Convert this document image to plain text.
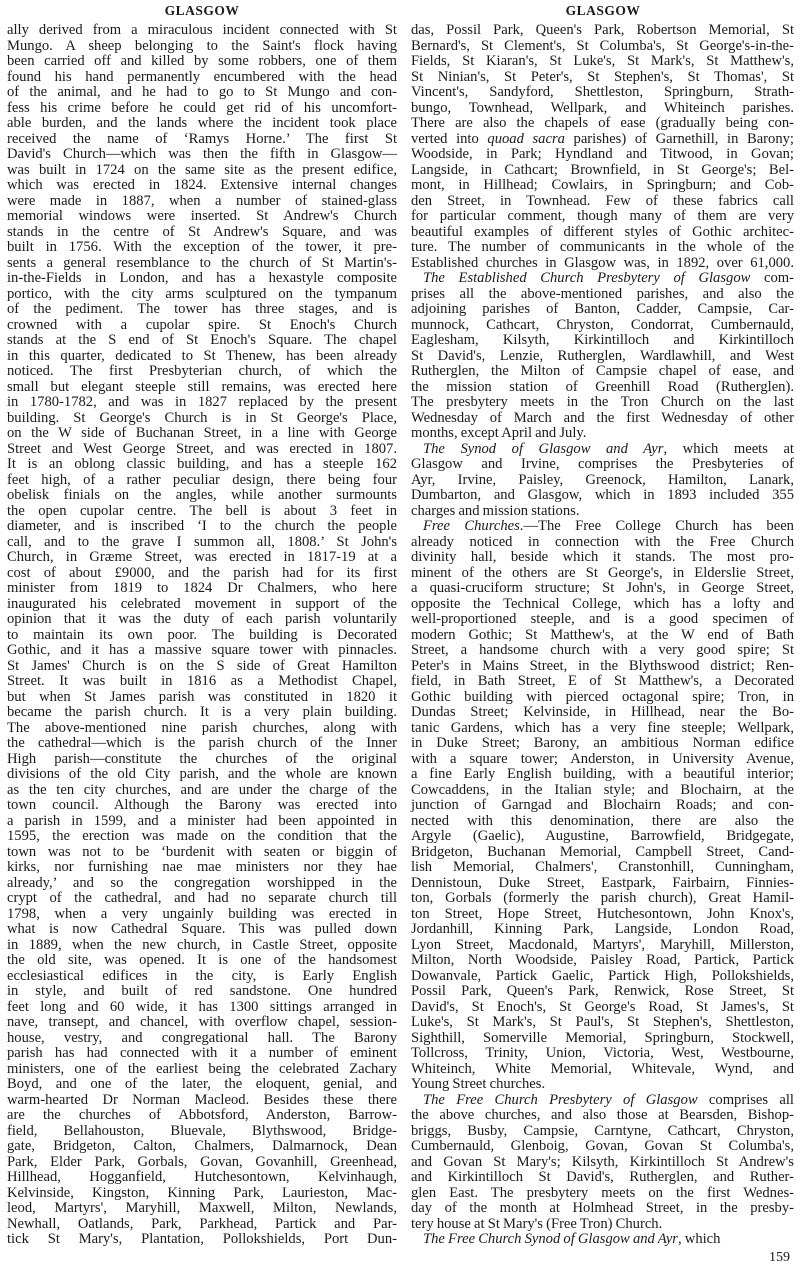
GLASGOW	GLASGOW
ally derived from a miraculous incident connected with St
Mungo. A sheep belonging to the Saint's flock having
been carried off and killed by some robbers, one of them
found his hand permanently encumbered with the head
of the animal, and he had to go to St Mungo and con-
fess his crime before he could get rid of his uncomfort-
able burden, and the lands where the incident took place
received the name of ‘Ramys Horne.’ The first St
David's Church—which was then the fifth in Glasgow—
was built in 1724 on the same site as the present edifice,
which was erected in 1824. Extensive internal changes
were made in 1887, when a number of stained-glass
memorial windows were inserted. St Andrew's Church
stands in the centre of St Andrew's Square, and was
built in 1756. With the exception of the tower, it pre-
sents a general resemblance to the church of St Martin's-
in-the-Fields in London, and has a hexastyle composite
portico, with the city arms sculptured on the tympanum
of the pediment. The tower has three stages, and is
crowned with a cupolar spire. St Enoch's Church
stands at the S end of St Enoch's Square. The chapel
in this quarter, dedicated to St Thenew, has been already
noticed. The first Presbyterian church, of which the
small but elegant steeple still remains, was erected here
in 1780-1782, and was in 1827 replaced by the present
building. St George's Church is in St George's Place,
on the W side of Buchanan Street, in a line with George
Street and West George Street, and was erected in 1807.
It is an oblong classic building, and has a steeple 162
feet high, of a rather peculiar design, there being four
obelisk finials on the angles, while another surmounts
the open cupolar centre. The bell is about 3 feet in
diameter, and is inscribed ‘I to the church the people
call, and to the grave I summon all, 1808.’ St John's
Church, in Græme Street, was erected in 1817-19 at a
cost of about £9000, and the parish had for its first
minister from 1819 to 1824 Dr Chalmers, who here
inaugurated his celebrated movement in support of the
opinion that it was the duty of each parish voluntarily
to maintain its own poor. The building is Decorated
Gothic, and it has a massive square tower with pinnacles.
St James' Church is on the S side of Great Hamilton
Street. It was built in 1816 as a Methodist Chapel,
but when St James parish was constituted in 1820 it
became the parish church. It is a very plain building.
The above-mentioned nine parish churches, along with
the cathedral—which is the parish church of the Inner
High parish—constitute the churches of the original
divisions of the old City parish, and the whole are known
as the ten city churches, and are under the charge of the
town council. Although the Barony was erected into
a parish in 1599, and a minister had been appointed in
1595, the erection was made on the condition that the
town was not to be ‘burdenit with seaten or biggin of
kirks, nor furnishing nae mae ministers nor they hae
already,’ and so the congregation worshipped in the
crypt of the cathedral, and had no separate church till
1798, when a very ungainly building was erected in
what is now Cathedral Square. This was pulled down
in 1889, when the new church, in Castle Street, opposite
the old site, was opened. It is one of the handsomest
ecclesiastical edifices in the city, is Early English
in style, and built of red sandstone. One hundred
feet long and 60 wide, it has 1300 sittings arranged in
nave, transept, and chancel, with overflow chapel, session-
house, vestry, and congregational hall. The Barony
parish has had connected with it a number of eminent
ministers, one of the earliest being the celebrated Zachary
Boyd, and one of the later, the eloquent, genial, and
warm-hearted Dr Norman Macleod. Besides these there
are the churches of Abbotsford, Anderston, Barrow-
field, Bellahouston, Bluevale, Blythswood, Bridge-
gate, Bridgeton, Calton, Chalmers, Dalmarnock, Dean
Park, Elder Park, Gorbals, Govan, Govanhill, Greenhead,
Hillhead, Hogganfield, Hutchesontown, Kelvinhaugh,
Kelvinside, Kingston, Kinning Park, Laurieston, Mac-
leod, Martyrs', Maryhill, Maxwell, Milton, Newlands,
Newhall, Oatlands, Park, Parkhead, Partick and Par-
tick St Mary's, Plantation, Pollokshields, Port Dun-
das, Possil Park, Queen's Park, Robertson Memorial, St
Bernard's, St Clement's, St Columba's, St George's-in-the-
Fields, St Kiaran's, St Luke's, St Mark's, St Matthew's,
St Ninian's, St Peter's, St Stephen's, St Thomas', St
Vincent's, Sandyford, Shettleston, Springburn, Strath-
bungo, Townhead, Wellpark, and Whiteinch parishes.
There are also the chapels of ease (gradually being con-
verted into quoad sacra parishes) of Garnethill, in Barony;
Woodside, in Park; Hyndland and Titwood, in Govan;
Langside, in Cathcart; Brownfield, in St George's; Bel-
mont, in Hillhead; Cowlairs, in Springburn; and Cob-
den Street, in Townhead. Few of these fabrics call
for particular comment, though many of them are very
beautiful examples of different styles of Gothic architec-
ture. The number of communicants in the whole of the
Established churches in Glasgow was, in 1892, over 61,000.
The Established Church Presbytery of Glasgow com-
prises all the above-mentioned parishes, and also the
adjoining parishes of Banton, Cadder, Campsie, Car-
munnock, Cathcart, Chryston, Condorrat, Cumbernauld,
Eaglesham, Kilsyth, Kirkintilloch and Kirkintilloch
St David's, Lenzie, Rutherglen, Wardlawhill, and West
Rutherglen, the Milton of Campsie chapel of ease, and
the mission station of Greenhill Road (Rutherglen).
The presbytery meets in the Tron Church on the last
Wednesday of March and the first Wednesday of other
months, except April and July.
The Synod of Glasgow and Ayr, which meets at
Glasgow and Irvine, comprises the Presbyteries of
Ayr, Irvine, Paisley, Greenock, Hamilton, Lanark,
Dumbarton, and Glasgow, which in 1893 included 355
charges and mission stations.
Free Churches.—The Free College Church has been
already noticed in connection with the Free Church
divinity hall, beside which it stands. The most pro-
minent of the others are St George's, in Elderslie Street,
a quasi-cruciform structure; St John's, in George Street,
opposite the Technical College, which has a lofty and
well-proportioned steeple, and is a good specimen of
modern Gothic; St Matthew's, at the W end of Bath
Street, a handsome church with a very good spire; St
Peter's in Mains Street, in the Blythswood district; Ren-
field, in Bath Street, E of St Matthew's, a Decorated
Gothic building with pierced octagonal spire; Tron, in
Dundas Street; Kelvinside, in Hillhead, near the Bo-
tanic Gardens, which has a very fine steeple; Wellpark,
in Duke Street; Barony, an ambitious Norman edifice
with a square tower; Anderston, in University Avenue,
a fine Early English building, with a beautiful interior;
Cowcaddens, in the Italian style; and Blochairn, at the
junction of Garngad and Blochairn Roads; and con-
nected with this denomination, there are also the
Argyle (Gaelic), Augustine, Barrowfield, Bridgegate,
Bridgeton, Buchanan Memorial, Campbell Street, Cand-
lish Memorial, Chalmers', Cranstonhill, Cunningham,
Dennistoun, Duke Street, Eastpark, Fairbairn, Finnies-
ton, Gorbals (formerly the parish church), Great Hamil-
ton Street, Hope Street, Hutchesontown, John Knox's,
Jordanhill, Kinning Park, Langside, London Road,
Lyon Street, Macdonald, Martyrs', Maryhill, Millerston,
Milton, North Woodside, Paisley Road, Partick, Partick
Dowanvale, Partick Gaelic, Partick High, Pollokshields,
Possil Park, Queen's Park, Renwick, Rose Street, St
David's, St Enoch's, St George's Road, St James's, St
Luke's, St Mark's, St Paul's, St Stephen's, Shettleston,
Sighthill, Somerville Memorial, Springburn, Stockwell,
Tollcross, Trinity, Union, Victoria, West, Westbourne,
Whiteinch, White Memorial, Whitevale, Wynd, and
Young Street churches.
The Free Church Presbytery of Glasgow comprises all
the above churches, and also those at Bearsden, Bishop-
briggs, Busby, Campsie, Carntyne, Cathcart, Chryston,
Cumbernauld, Glenboig, Govan, Govan St Columba's,
and Govan St Mary's; Kilsyth, Kirkintilloch St Andrew's
and Kirkintilloch St David's, Rutherglen, and Ruther-
glen East. The presbytery meets on the first Wednes-
day of the month at Holmhead Street, in the presby-
tery house at St Mary's (Free Tron) Church.
The Free Church Synod of Glasgow and Ayr, which
159
